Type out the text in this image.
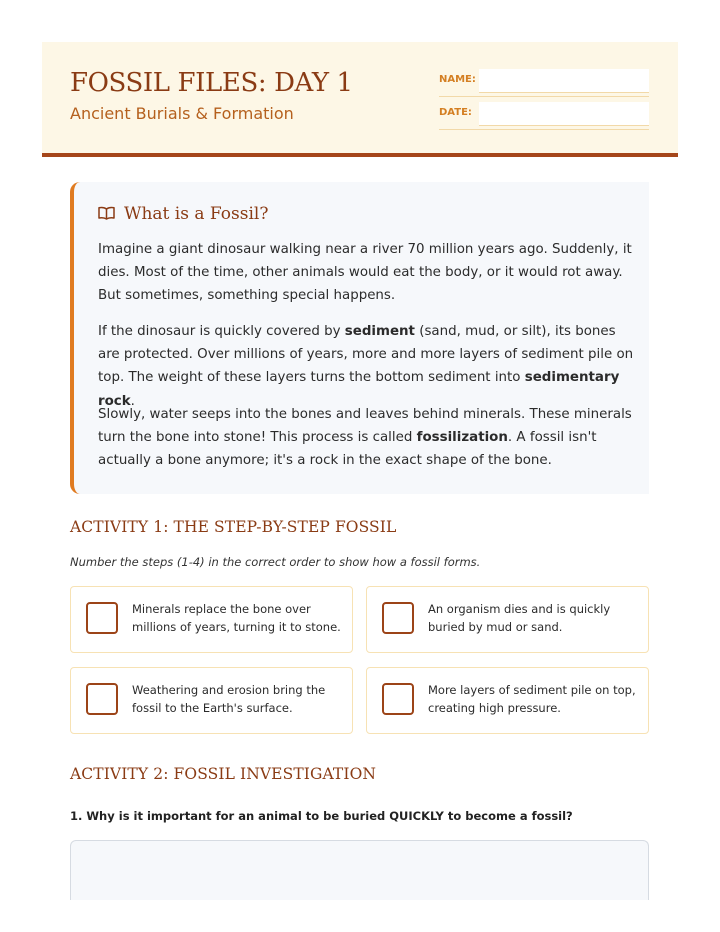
FOSSIL FILES: DAY 1
Ancient Burials & Formation
NAME:
DATE:
What is a Fossil?

Imagine a giant dinosaur walking near a river 70 million years ago. Suddenly, it dies. Most of the time, other animals would eat the body, or it would rot away. But sometimes, something special happens.

If the dinosaur is quickly covered by sediment (sand, mud, or silt), its bones are protected. Over millions of years, more and more layers of sediment pile on top. The weight of these layers turns the bottom sediment into sedimentary rock.

Slowly, water seeps into the bones and leaves behind minerals. These minerals turn the bone into stone! This process is called fossilization. A fossil isn't actually a bone anymore; it's a rock in the exact shape of the bone.

ACTIVITY 1: THE STEP-BY-STEP FOSSIL
Number the steps (1-4) in the correct order to show how a fossil forms.
Minerals replace the bone over millions of years, turning it to stone.
An organism dies and is quickly buried by mud or sand.
Weathering and erosion bring the fossil to the Earth's surface.
More layers of sediment pile on top, creating high pressure.
ACTIVITY 2: FOSSIL INVESTIGATION
1. Why is it important for an animal to be buried QUICKLY to become a fossil?
